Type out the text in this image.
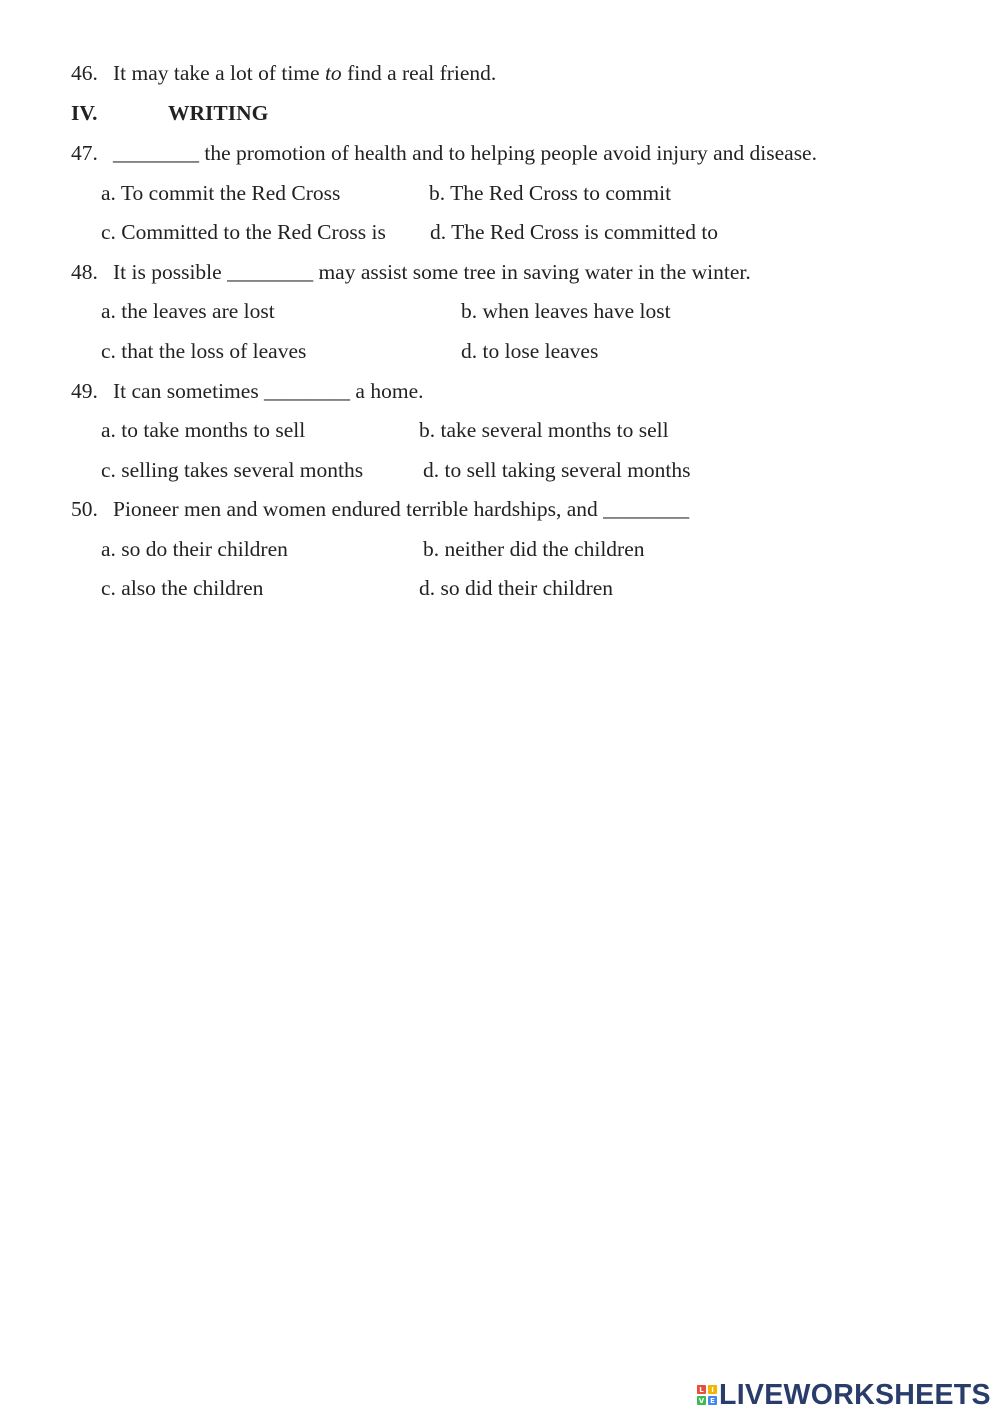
46. It may take a lot of time to find a real friend.
IV.	WRITING
47. ________ the promotion of health and to helping people avoid injury and disease.
a. To commit the Red Cross	b. The Red Cross to commit
c. Committed to the Red Cross is d. The Red Cross is committed to
48. It is possible ________ may assist some tree in saving water in the winter.
a. the leaves are lost	b. when leaves have lost
c. that the loss of leaves	d. to lose leaves
49. It can sometimes ________ a home.
a. to take months to sell	b. take several months to sell
c. selling takes several months	d. to sell taking several months
50. Pioneer men and women endured terrible hardships, and ________
a. so do their children	b. neither did the children
c. also the children	d. so did their children
L	I
V E LIVEWORKSHEETS
